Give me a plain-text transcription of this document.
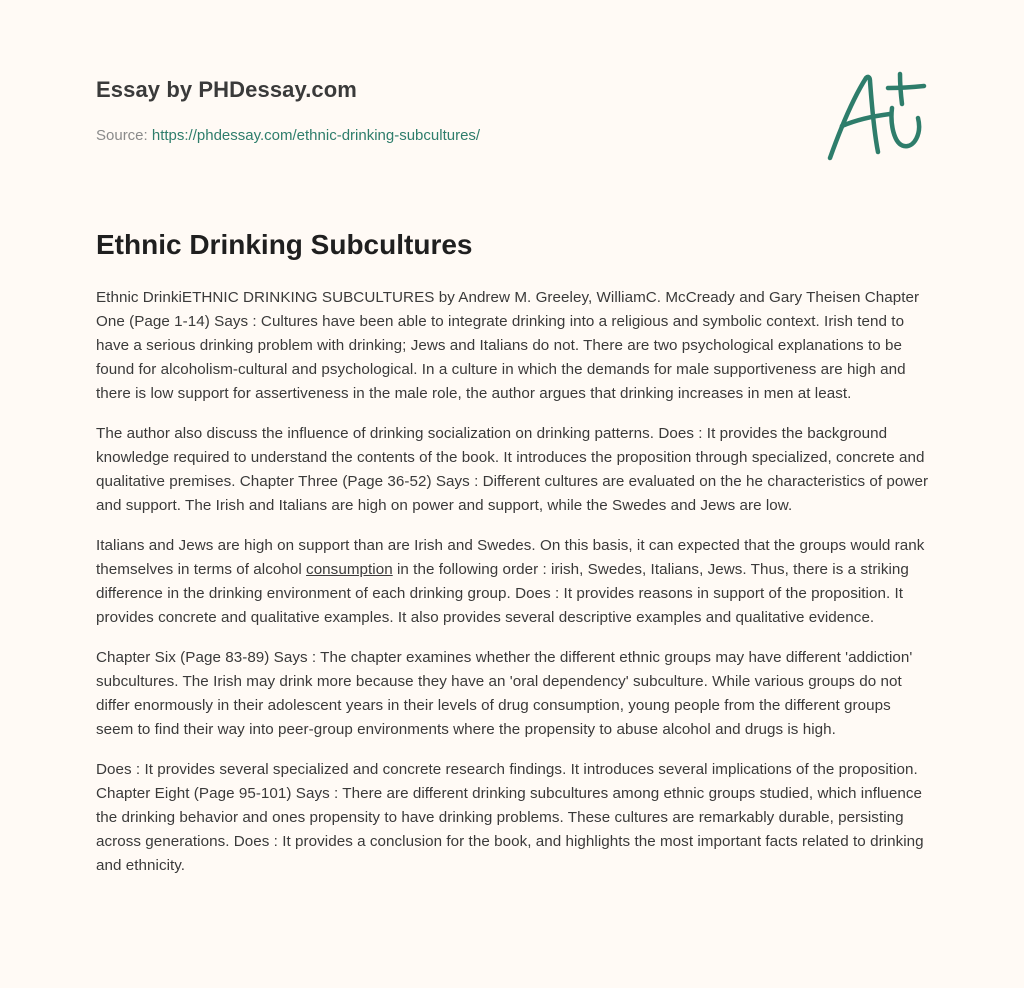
Essay by PHDessay.com
Source: https://phdessay.com/ethnic-drinking-subcultures/
Ethnic Drinking Subcultures

Ethnic DrinkiETHNIC DRINKING SUBCULTURES by Andrew M. Greeley, WilliamC. McCready and Gary Theisen Chapter One (Page 1-14) Says : Cultures have been able to integrate drinking into a religious and symbolic context. Irish tend to have a serious drinking problem with drinking; Jews and Italians do not. There are two psychological explanations to be found for alcoholism-cultural and psychological. In a culture in which the demands for male supportiveness are high and there is low support for assertiveness in the male role, the author argues that drinking increases in men at least.

The author also discuss the influence of drinking socialization on drinking patterns. Does : It provides the background knowledge required to understand the contents of the book. It introduces the proposition through specialized, concrete and qualitative premises. Chapter Three (Page 36-52) Says : Different cultures are evaluated on the he characteristics of power and support. The Irish and Italians are high on power and support, while the Swedes and Jews are low.

Italians and Jews are high on support than are Irish and Swedes. On this basis, it can expected that the groups would rank themselves in terms of alcohol consumption in the following order : irish, Swedes, Italians, Jews. Thus, there is a striking difference in the drinking environment of each drinking group. Does : It provides reasons in support of the proposition. It provides concrete and qualitative examples. It also provides several descriptive examples and qualitative evidence.

Chapter Six (Page 83-89) Says : The chapter examines whether the different ethnic groups may have different 'addiction' subcultures. The Irish may drink more because they have an 'oral dependency' subculture. While various groups do not differ enormously in their adolescent years in their levels of drug consumption, young people from the different groups seem to find their way into peer-group environments where the propensity to abuse alcohol and drugs is high.

Does : It provides several specialized and concrete research findings. It introduces several implications of the proposition. Chapter Eight (Page 95-101) Says : There are different drinking subcultures among ethnic groups studied, which influence the drinking behavior and ones propensity to have drinking problems. These cultures are remarkably durable, persisting across generations. Does : It provides a conclusion for the book, and highlights the most important facts related to drinking and ethnicity.
